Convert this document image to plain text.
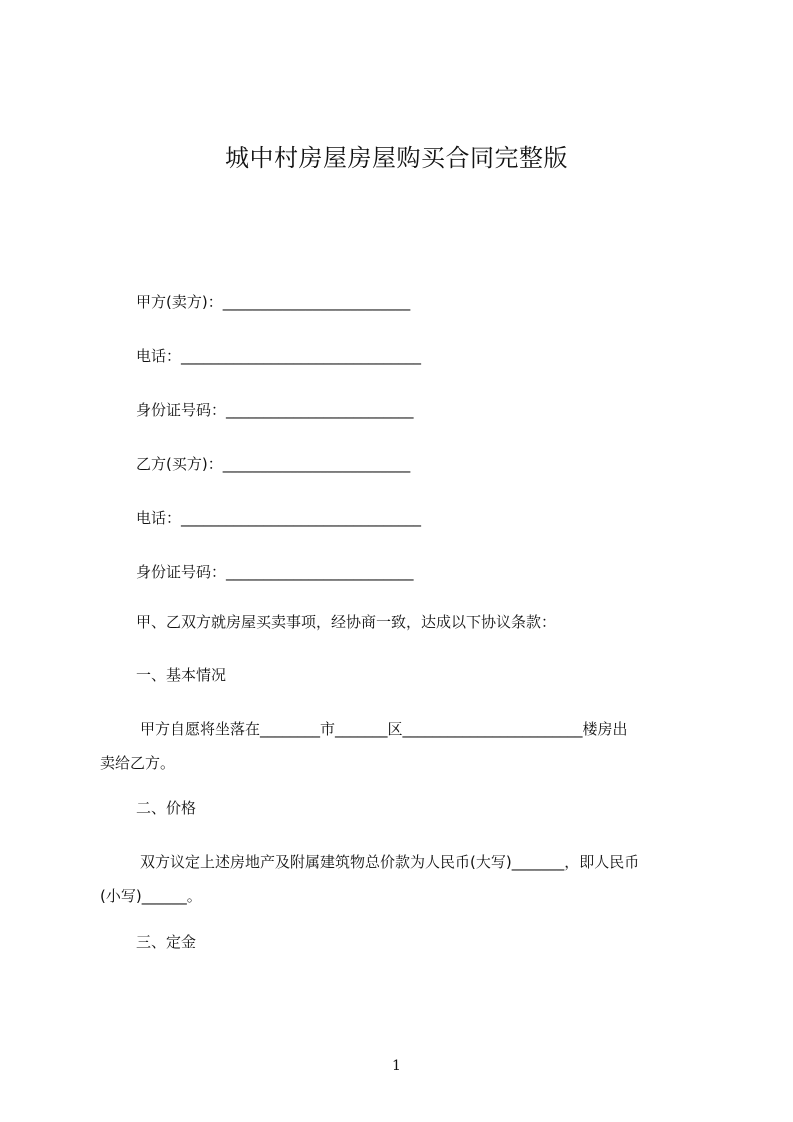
城中村房屋房屋购买合同完整版
甲方(卖方)：_________________________
电话：________________________________
身份证号码：_________________________
乙方(买方)：_________________________
电话：________________________________
身份证号码：_________________________
甲、乙双方就房屋买卖事项，经协商一致，达成以下协议条款：
一、基本情况
甲方自愿将坐落在________市_______区________________________楼房出
卖给乙方。
二、价格
双方议定上述房地产及附属建筑物总价款为人民币(大写)_______，即人民币
(小写)______。
三、定金
1
